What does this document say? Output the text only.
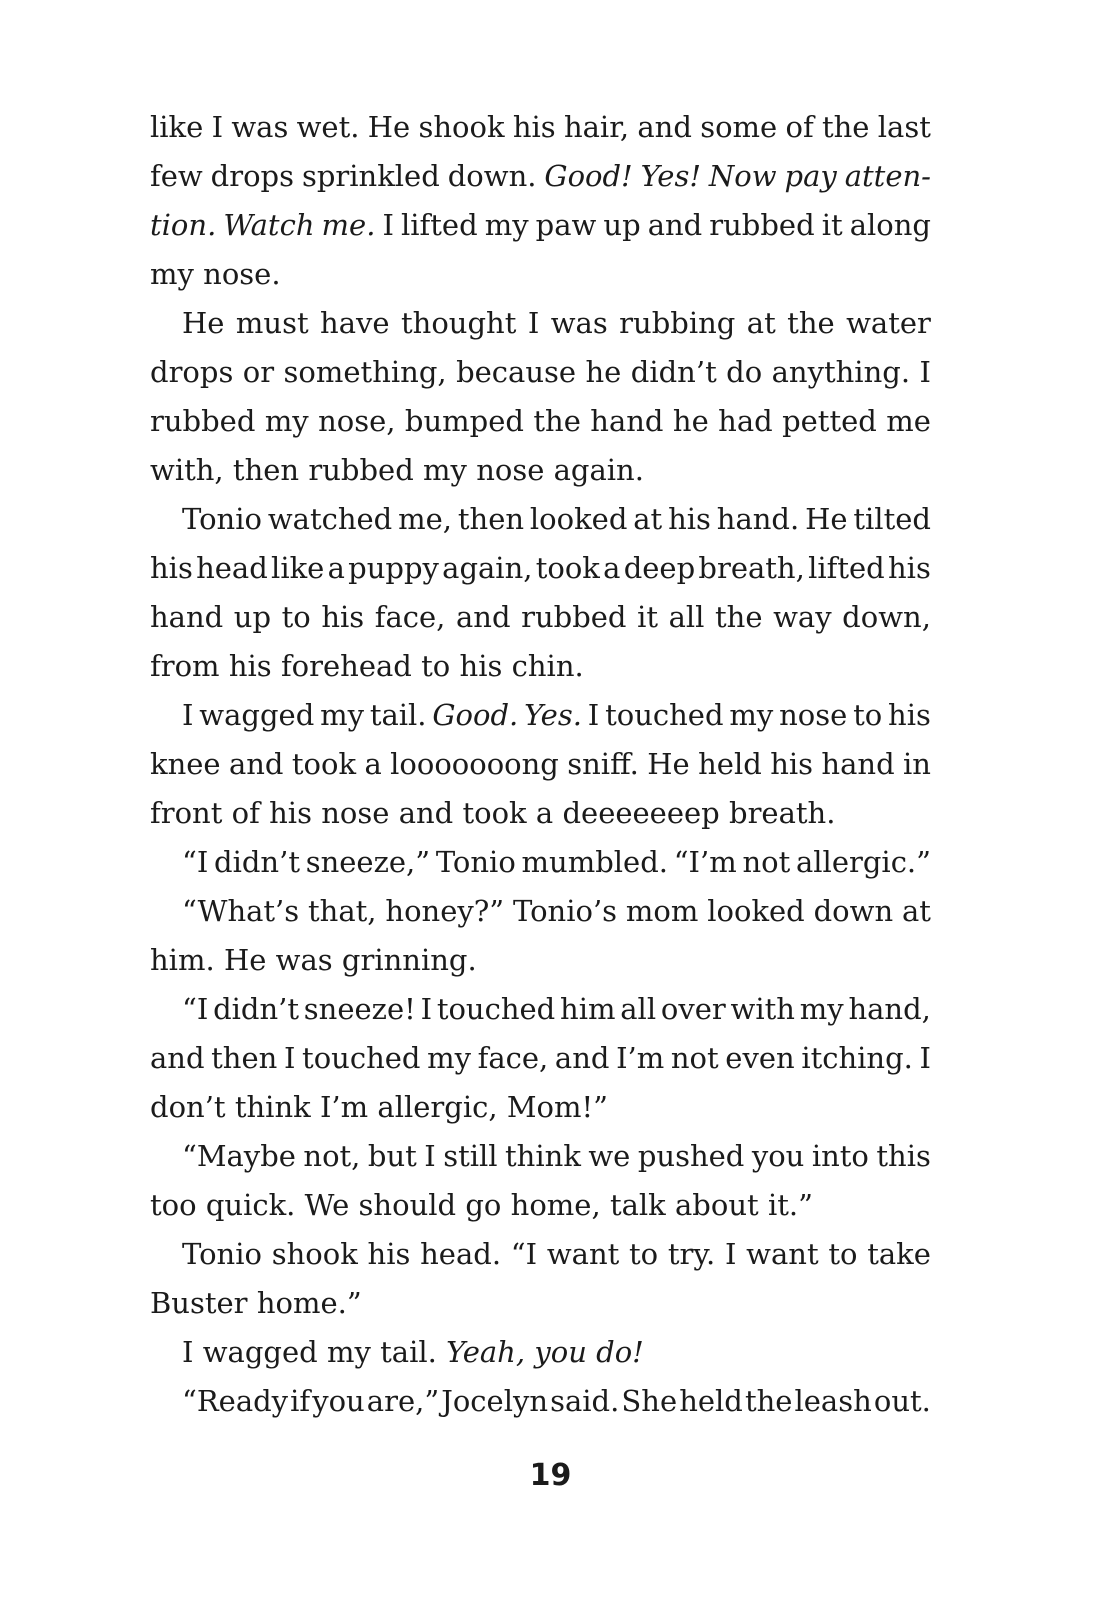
like I was wet. He shook his hair, and some of the last
few drops sprinkled down. Good! Yes! Now pay atten-
tion. Watch me. I lifted my paw up and rubbed it along
my nose.
He must have thought I was rubbing at the water
drops or something, because he didn’t do anything. I
rubbed my nose, bumped the hand he had petted me
with, then rubbed my nose again.
Tonio watched me, then looked at his hand. He tilted
his head like a puppy again, took a deep breath, lifted his
hand up to his face, and rubbed it all the way down,
from his forehead to his chin.
I wagged my tail. Good. Yes. I touched my nose to his
knee and took a looooooong sniff. He held his hand in
front of his nose and took a deeeeeeep breath.
“I didn’t sneeze,” Tonio mumbled. “I’m not allergic.”
“What’s that, honey?” Tonio’s mom looked down at
him. He was grinning.
“I didn’t sneeze! I touched him all over with my hand,
and then I touched my face, and I’m not even itching. I
don’t think I’m allergic, Mom!”
“Maybe not, but I still think we pushed you into this
too quick. We should go home, talk about it.”
Tonio shook his head. “I want to try. I want to take
Buster home.”
I wagged my tail. Yeah, you do!
“Ready if you are,” Jocelyn said. She held the leash out.
19
